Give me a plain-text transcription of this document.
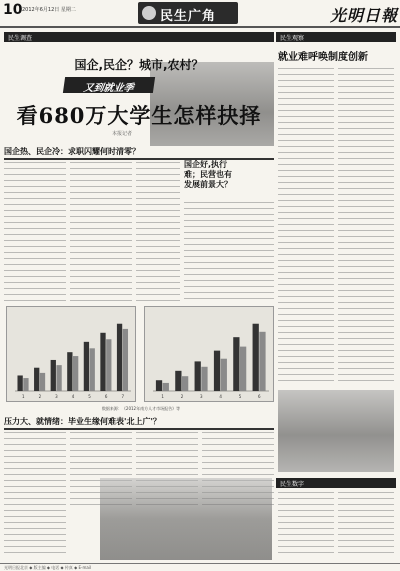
10 2012年6月12日 星期二	民生广角	光明日報
民生调查
国企,民企？城市,农村？
又到就业季
看680万大学生怎样抉择
本报记者
国企热、民企冷：求职闪耀何时清零？
国企好,执行难；民营也有发展前景大？
1	2	3	4	5	6	7	1	2	3	4	5	6
数据来源：《2012年南方人才市场报告》等
压力大、就情绪：毕业生缘何难表'北上广'？
民生观察
就业难呼唤制度创新
民生数字
光明日报北京 ◆ 版主编 ◆ 电话 ◆ 传真 ◆ E-mail
